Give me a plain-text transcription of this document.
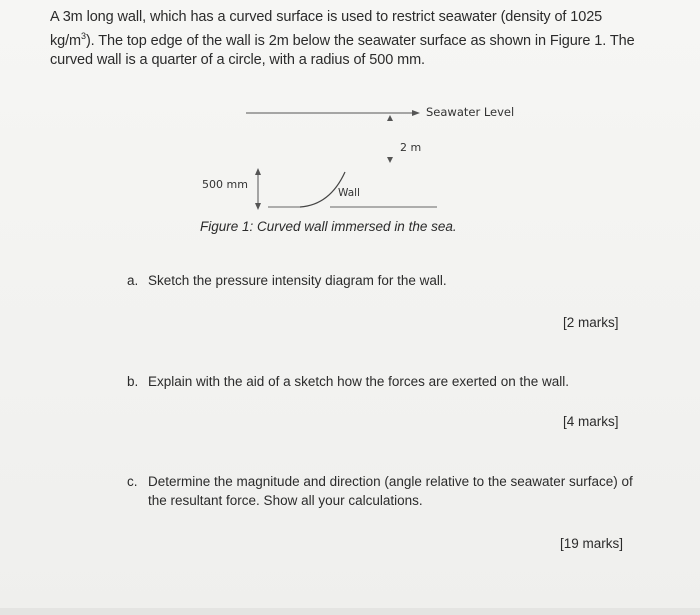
A 3m long wall, which has a curved surface is used to restrict seawater (density of 1025 $kg/m^3$). The top edge of the wall is 2m below the seawater surface as shown in Figure 1. The curved wall is a quarter of a circle, with a radius of 500 mm.
Seawater Level
2 m
500 mm
Wall
Figure 1: Curved wall immersed in the sea.
a. Sketch the pressure intensity diagram for the wall.
[2 marks]
b. Explain with the aid of a sketch how the forces are exerted on the wall.
[4 marks]
c. Determine the magnitude and direction (angle relative to the seawater surface) of the resultant force. Show all your calculations.
[19 marks]
